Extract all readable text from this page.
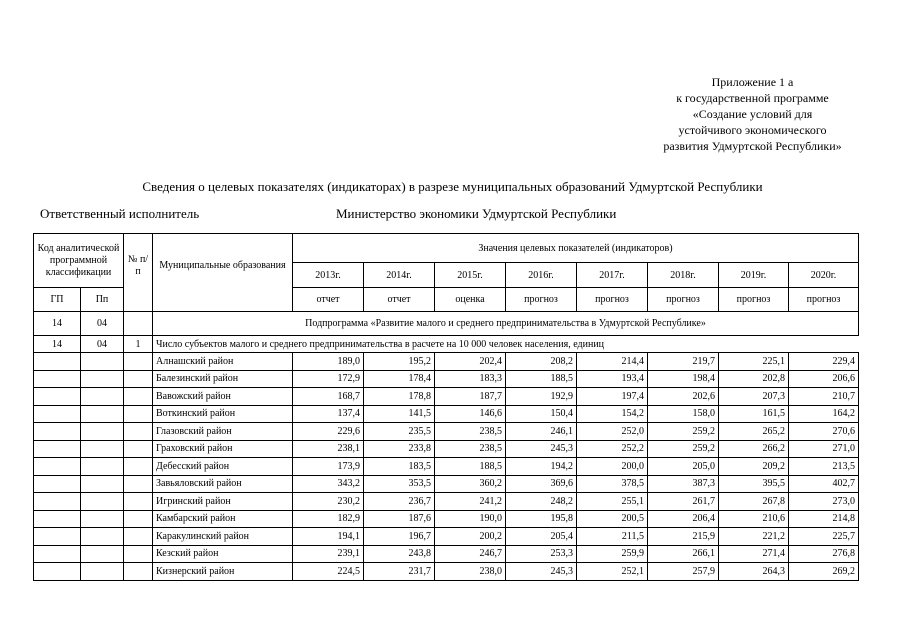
Приложение 1 а
к государственной программе
«Создание условий для
устойчивого экономического
развития Удмуртской Республики»
Сведения о целевых показателях (индикаторах) в разрезе муниципальных образований Удмуртской Республики
Ответственный исполнитель	Министерство экономики Удмуртской Республики
Код аналитической программной классификации		№ п/п	Муниципальные образования	Значения целевых показателей (индикаторов)							
				2013г.	2014г.	2015г.	2016г.	2017г.	2018г.	2019г.	2020г.
ГП	Пп			отчет	отчет	оценка	прогноз	прогноз	прогноз	прогноз	прогноз
14	04		Подпрограмма «Развитие малого и среднего предпринимательства в Удмуртской Республике»								
14	04	1	Число субъектов малого и среднего предпринимательства в расчете на 10 000 человек населения, единиц								
			Алнашский район	189,0	195,2	202,4	208,2	214,4	219,7	225,1	229,4
			Балезинский район	172,9	178,4	183,3	188,5	193,4	198,4	202,8	206,6
			Вавожский район	168,7	178,8	187,7	192,9	197,4	202,6	207,3	210,7
			Воткинский район	137,4	141,5	146,6	150,4	154,2	158,0	161,5	164,2
			Глазовский район	229,6	235,5	238,5	246,1	252,0	259,2	265,2	270,6
			Граховский район	238,1	233,8	238,5	245,3	252,2	259,2	266,2	271,0
			Дебесский район	173,9	183,5	188,5	194,2	200,0	205,0	209,2	213,5
			Завьяловский район	343,2	353,5	360,2	369,6	378,5	387,3	395,5	402,7
			Игринский район	230,2	236,7	241,2	248,2	255,1	261,7	267,8	273,0
			Камбарский район	182,9	187,6	190,0	195,8	200,5	206,4	210,6	214,8
			Каракулинский район	194,1	196,7	200,2	205,4	211,5	215,9	221,2	225,7
			Кезский район	239,1	243,8	246,7	253,3	259,9	266,1	271,4	276,8
			Кизнерский район	224,5	231,7	238,0	245,3	252,1	257,9	264,3	269,2
